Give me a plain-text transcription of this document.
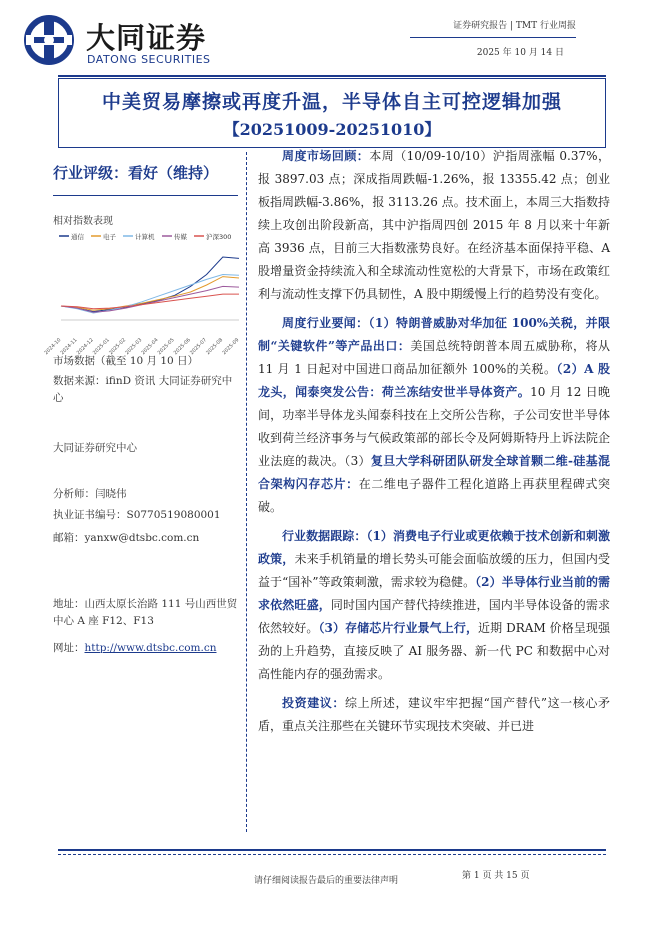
大同证券
DATONG SECURITIES
证券研究报告 | TMT 行业周报
2025 年 10 月 14 日
中美贸易摩擦或再度升温，半导体自主可控逻辑加强
【20251009-20251010】
行业评级：看好（维持）
相对指数表现
通信	电子	计算机	传媒	沪深300
2024-10
2024-11
2024-12
2025-01
2025-02
2025-03
2025-04
2025-05
2025-06
2025-07
2025-08
2025-09
市场数据（截至 10 月 10 日）
数据来源：ifinD 资讯 大同证券研究中心
大同证券研究中心
分析师：闫晓伟
执业证书编号：S0770519080001
邮箱：yanxw@dtsbc.com.cn
地址：山西太原长治路 111 号山西世贸中心 A 座 F12、F13
网址：http://www.dtsbc.com.cn

周度市场回顾：本周（10/09-10/10）沪指周涨幅 0.37%，报 3897.03 点；深成指周跌幅-1.26%，报 13355.42 点；创业板指周跌幅-3.86%，报 3113.26 点。技术面上，本周三大指数持续上攻创出阶段新高，其中沪指周四创 2015 年 8 月以来十年新高 3936 点，目前三大指数涨势良好。在经济基本面保持平稳、A 股增量资金持续流入和全球流动性宽松的大背景下，市场在政策红利与流动性支撑下仍具韧性，A 股中期缓慢上行的趋势没有变化。

周度行业要闻：（1）特朗普威胁对华加征 100%关税，并限制“关键软件”等产品出口：美国总统特朗普本周五威胁称，将从 11 月 1 日起对中国进口商品加征额外 100%的关税。（2）A 股龙头，闻泰突发公告：荷兰冻结安世半导体资产。10 月 12 日晚间，功率半导体龙头闻泰科技在上交所公告称，子公司安世半导体收到荷兰经济事务与气候政策部的部长令及阿姆斯特丹上诉法院企业法庭的裁决。（3）复旦大学科研团队研发全球首颗二维-硅基混合架构闪存芯片：在二维电子器件工程化道路上再获里程碑式突破。

行业数据跟踪：（1）消费电子行业或更依赖于技术创新和刺激政策，未来手机销量的增长势头可能会面临放缓的压力，但国内受益于“国补”等政策刺激，需求较为稳健。（2）半导体行业当前的需求依然旺盛，同时国内国产替代持续推进，国内半导体设备的需求依然较好。（3）存储芯片行业景气上行，近期 DRAM 价格呈现强劲的上升趋势，直接反映了 AI 服务器、新一代 PC 和数据中心对高性能内存的强劲需求。

投资建议：综上所述，建议牢牢把握“国产替代”这一核心矛盾，重点关注那些在关键环节实现技术突破、并已进

请仔细阅读报告最后的重要法律声明	第 1 页 共 15 页
